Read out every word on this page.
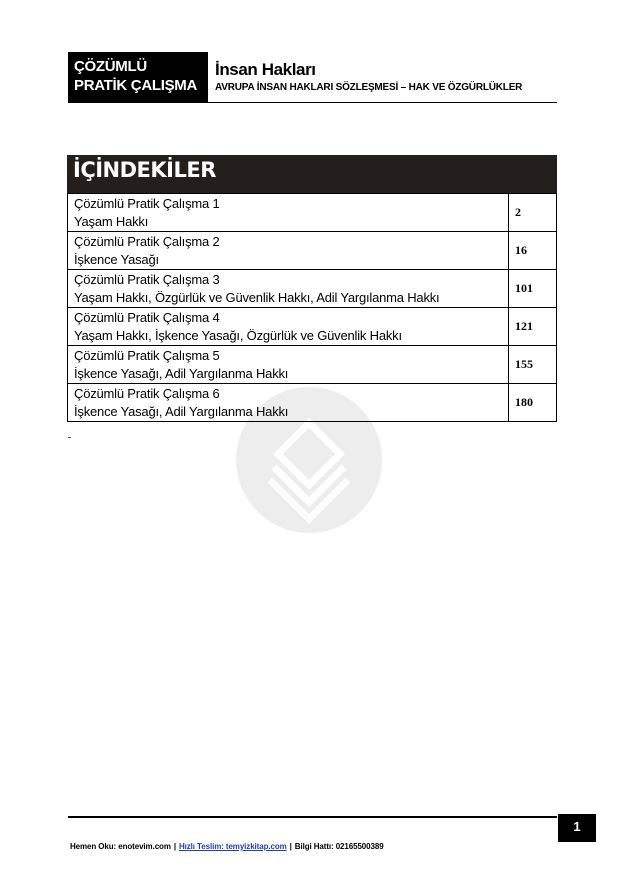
ÇÖZÜMLÜ
PRATİK ÇALIŞMA
İnsan Hakları
AVRUPA İNSAN HAKLARI SÖZLEŞMESİ – HAK VE ÖZGÜRLÜKLER
İÇİNDEKİLER
Çözümlü Pratik Çalışma 1
Yaşam Hakkı	2

Çözümlü Pratik Çalışma 2
İşkence Yasağı	16

Çözümlü Pratik Çalışma 3
Yaşam Hakkı, Özgürlük ve Güvenlik Hakkı, Adil Yargılanma Hakkı	101

Çözümlü Pratik Çalışma 4
Yaşam Hakkı, İşkence Yasağı, Özgürlük ve Güvenlik Hakkı	121

Çözümlü Pratik Çalışma 5
İşkence Yasağı, Adil Yargılanma Hakkı	155

Çözümlü Pratik Çalışma 6
İşkence Yasağı, Adil Yargılanma Hakkı	180
1
Hemen Oku: enotevim.com | Hızlı Teslim: temyizkitap.com | Bilgi Hattı: 02165500389
